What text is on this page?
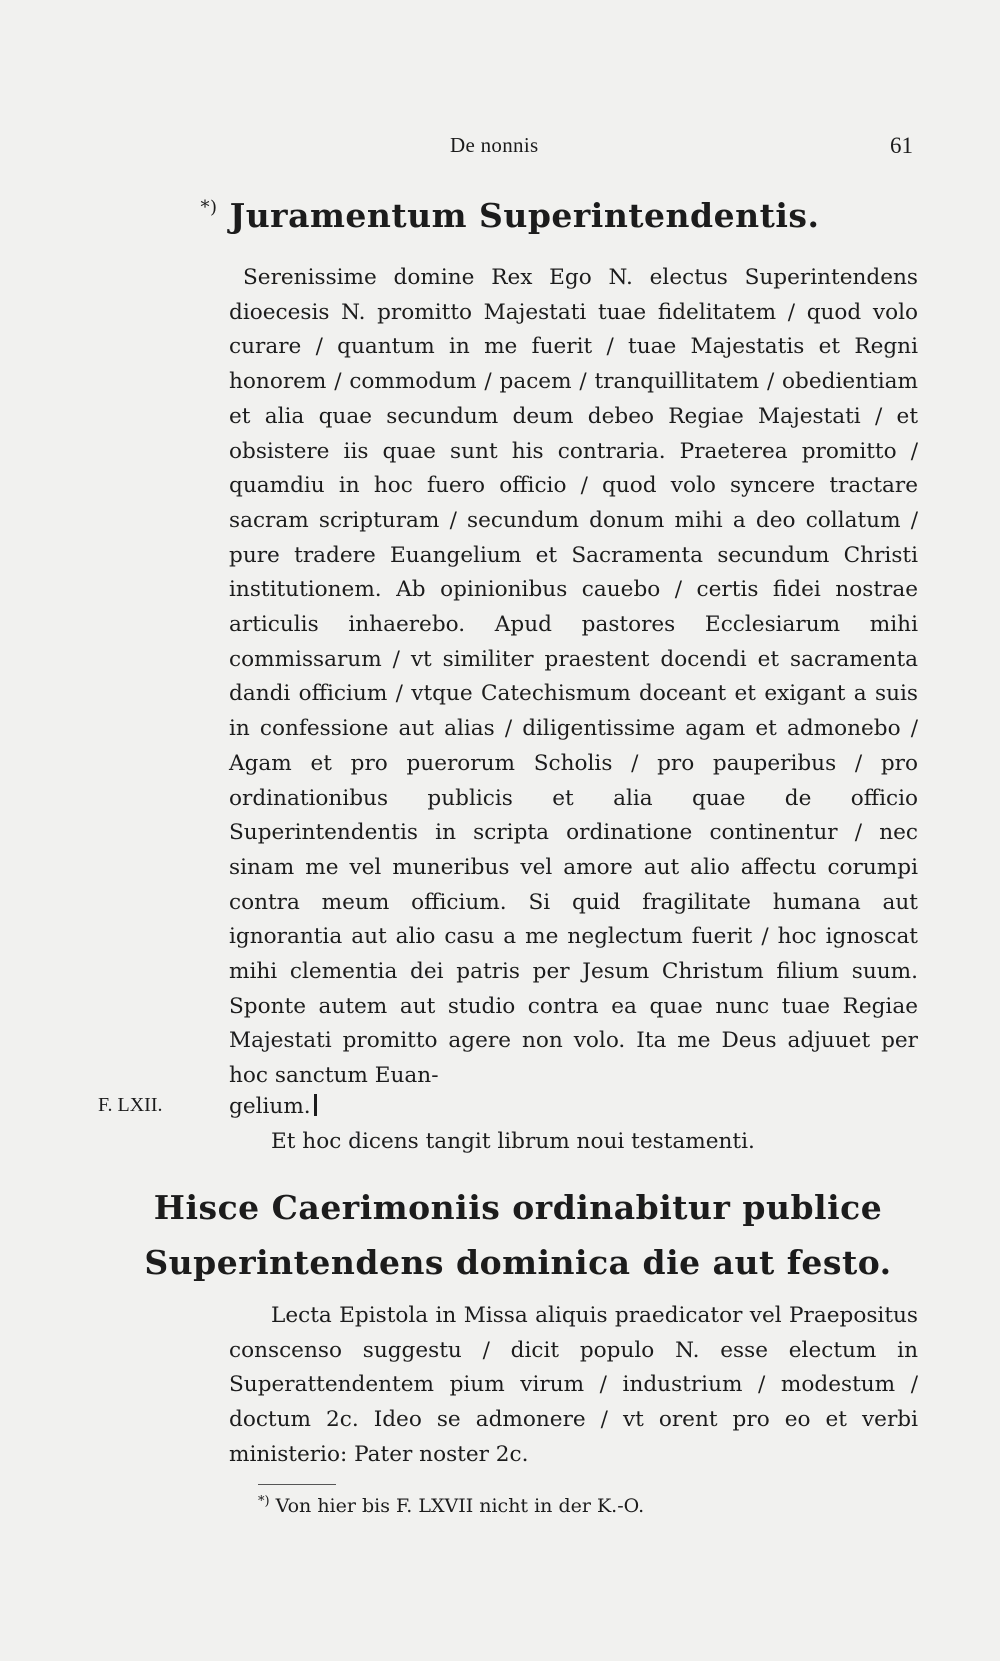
De nonnis	61
*) Juramentum Superintendentis.

Serenissime domine Rex Ego N. electus Superintendens dioecesis N. promitto Majestati tuae fidelitatem / quod volo curare / quantum in me fuerit / tuae Majestatis et Regni honorem / commodum / pacem / tranquillitatem / obedientiam et alia quae secundum deum debeo Regiae Majestati / et obsistere iis quae sunt his contraria. Praeterea promitto / quamdiu in hoc fuero officio / quod volo syncere tractare sacram scripturam / secundum donum mihi a deo collatum / pure tradere Euangelium et Sacramenta secundum Christi institutionem. Ab opinionibus cauebo / certis fidei nostrae articulis inhaerebo. Apud pastores Ecclesiarum mihi commissarum / vt similiter praestent docendi et sacramenta dandi officium / vtque Catechismum doceant et exigant a suis in confessione aut alias / diligentissime agam et admonebo / Agam et pro puerorum Scholis / pro pauperibus / pro ordinationibus publicis et alia quae de officio Superintendentis in scripta ordinatione continentur / nec sinam me vel muneribus vel amore aut alio affectu corumpi contra meum officium. Si quid fragilitate humana aut ignorantia aut alio casu a me neglectum fuerit / hoc ignoscat mihi clementia dei patris per Jesum Christum filium suum. Sponte autem aut studio contra ea quae nunc tuae Regiae Majestati promitto agere non volo. Ita me Deus adjuuet per hoc sanctum Euan-

F. LXII.	gelium.
Et hoc dicens tangit librum noui testamenti.
Hisce Caerimoniis ordinabitur publice
Superintendens dominica die aut festo.

Lecta Epistola in Missa aliquis praedicator vel Praepositus conscenso suggestu / dicit populo N. esse electum in Superattendentem pium virum / industrium / modestum / doctum 2c. Ideo se admonere / vt orent pro eo et verbi ministerio: Pater noster 2c.

*) Von hier bis F. LXVII nicht in der K.-O.
